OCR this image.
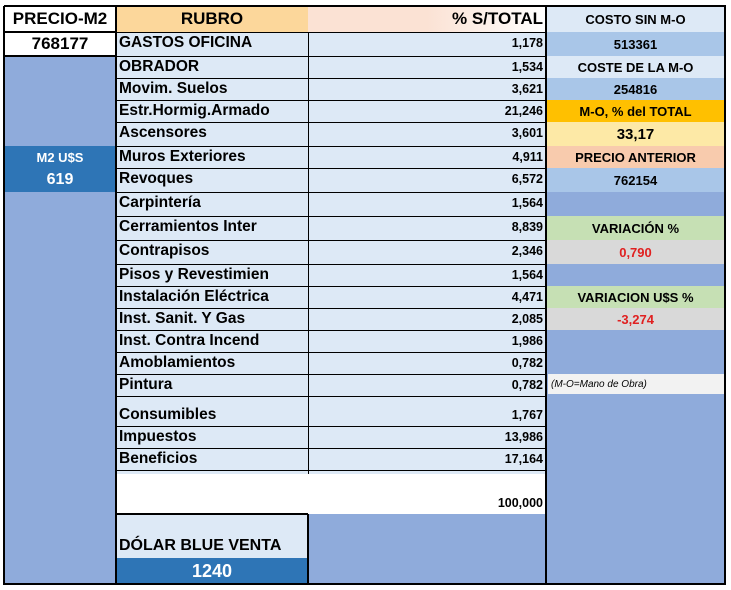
PRECIO-M2
768177
M2 U$S
619
RUBRO	% S/TOTAL
GASTOS OFICINA	1,178
OBRADOR	1,534
Movim. Suelos	3,621
Estr.Hormig.Armado	21,246
Ascensores	3,601
Muros Exteriores	4,911
Revoques	6,572
Carpintería	1,564
Cerramientos Inter	8,839
Contrapisos	2,346
Pisos y Revestimien	1,564
Instalación Eléctrica	4,471
Inst. Sanit. Y Gas	2,085
Inst. Contra Incend	1,986
Amoblamientos	0,782
Pintura	0,782
Consumibles	1,767
Impuestos	13,986
Beneficios	17,164
100,000
DÓLAR BLUE VENTA
1240
COSTO SIN M-O
513361
COSTE DE LA M-O
254816
M-O, % del TOTAL
33,17
PRECIO ANTERIOR
762154
VARIACIÓN %
0,790
VARIACION U$S %
-3,274
(M-O=Mano de Obra)
